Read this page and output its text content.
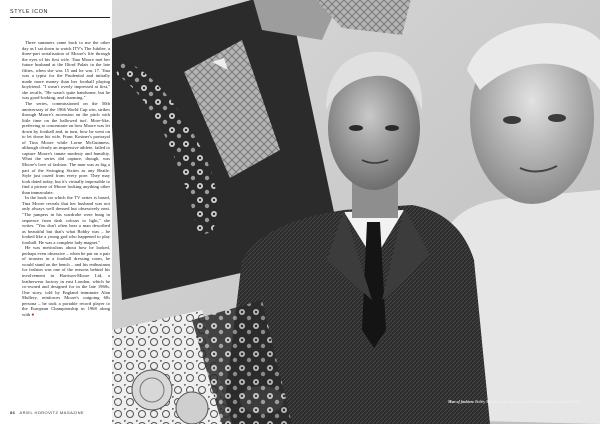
STYLE ICON

Three summers came back to me the other day as I sat down to watch ITV's The Jubilee, a three-part serialisation of Moore's life through the eyes of his first wife. Tina Moore met her future husband at the Ilford Palais in the late fifties, when she was 15 and he was 17. Tina was a typist for the Prudential and initially made more money than her football playing boyfriend. "I wasn't overly impressed at first," she recalls. "He wasn't quite handsome, but he was good-looking, and charming."

The series, commissioned on the 50th anniversary of the 1966 World Cup win, strikes through Moore's ascension on the pitch with little time on the hallowed turf. More-like, preferring to concentrate on how Moore was let down by football and, in turn, how he went on to let down his wife. Franc Kostner's portrayal of Tina Moore while Lorne McGuinness, although clearly an impressive athlete, failed to capture Moore's innate modesty and humility. What the series did capture, though, was Moore's love of fashion. The man was as big a part of the Swinging Sixties as any Beatle. Style just oozed from every pore. They may look dated today, but it's virtually impossible to find a picture of Moore looking anything other than immaculate.

In the book on which the TV series is based, Tina Moore reveals that her husband was not only always well dressed but obsessively neat. "The jumpers in his wardrobe were hung in sequence from dark colours to light," she writes. "You don't often hear a man described as beautiful but that's what Bobby was – he looked like a young god who happened to play football. He was a complete lady magnet."

He was meticulous about how he looked, perhaps even obsessive – when he put on a pair of trousers in a football dressing room, he would stand on the bench – and his enthusiasm for fashion was one of the reasons behind his involvement in Harrison-Moore Ltd, a leatherwear factory in east London, which he co-owned and designed for in the late 1960s. One story, told by England teammate Alan Mullery, reinforces Moore's outgoing 60s persona – he took a portable record player to the European Championship in 1968 along with ●

86 ARIEL HOROVITZ MAGAZINE
Man of fashion: Bobby Moore shows off some of his 1960s fashion products in 1970
